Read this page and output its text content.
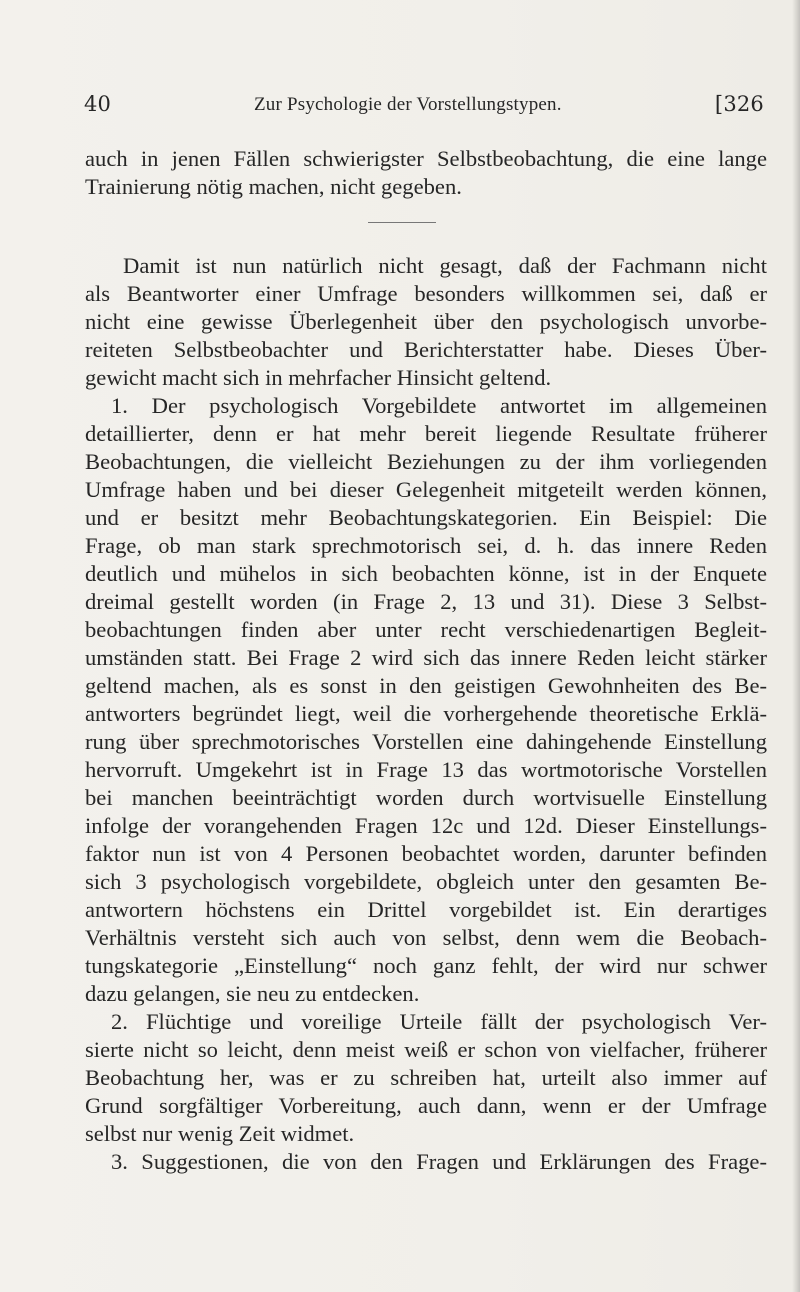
40	Zur Psychologie der Vorstellungstypen.	[326
auch in jenen Fällen schwierigster Selbstbeobachtung, die eine lange
Trainierung nötig machen, nicht gegeben.
Damit ist nun natürlich nicht gesagt, daß der Fachmann nicht
als Beantworter einer Umfrage besonders willkommen sei, daß er
nicht eine gewisse Überlegenheit über den psychologisch unvorbe-
reiteten Selbstbeobachter und Berichterstatter habe. Dieses Über-
gewicht macht sich in mehrfacher Hinsicht geltend.
1. Der psychologisch Vorgebildete antwortet im allgemeinen
detaillierter, denn er hat mehr bereit liegende Resultate früherer
Beobachtungen, die vielleicht Beziehungen zu der ihm vorliegenden
Umfrage haben und bei dieser Gelegenheit mitgeteilt werden können,
und er besitzt mehr Beobachtungskategorien. Ein Beispiel: Die
Frage, ob man stark sprechmotorisch sei, d. h. das innere Reden
deutlich und mühelos in sich beobachten könne, ist in der Enquete
dreimal gestellt worden (in Frage 2, 13 und 31). Diese 3 Selbst-
beobachtungen finden aber unter recht verschiedenartigen Begleit-
umständen statt. Bei Frage 2 wird sich das innere Reden leicht stärker
geltend machen, als es sonst in den geistigen Gewohnheiten des Be-
antworters begründet liegt, weil die vorhergehende theoretische Erklä-
rung über sprechmotorisches Vorstellen eine dahingehende Einstellung
hervorruft. Umgekehrt ist in Frage 13 das wortmotorische Vorstellen
bei manchen beeinträchtigt worden durch wortvisuelle Einstellung
infolge der vorangehenden Fragen 12c und 12d. Dieser Einstellungs-
faktor nun ist von 4 Personen beobachtet worden, darunter befinden
sich 3 psychologisch vorgebildete, obgleich unter den gesamten Be-
antwortern höchstens ein Drittel vorgebildet ist. Ein derartiges
Verhältnis versteht sich auch von selbst, denn wem die Beobach-
tungskategorie „Einstellung“ noch ganz fehlt, der wird nur schwer
dazu gelangen, sie neu zu entdecken.
2. Flüchtige und voreilige Urteile fällt der psychologisch Ver-
sierte nicht so leicht, denn meist weiß er schon von vielfacher, früherer
Beobachtung her, was er zu schreiben hat, urteilt also immer auf
Grund sorgfältiger Vorbereitung, auch dann, wenn er der Umfrage
selbst nur wenig Zeit widmet.
3. Suggestionen, die von den Fragen und Erklärungen des Frage-
